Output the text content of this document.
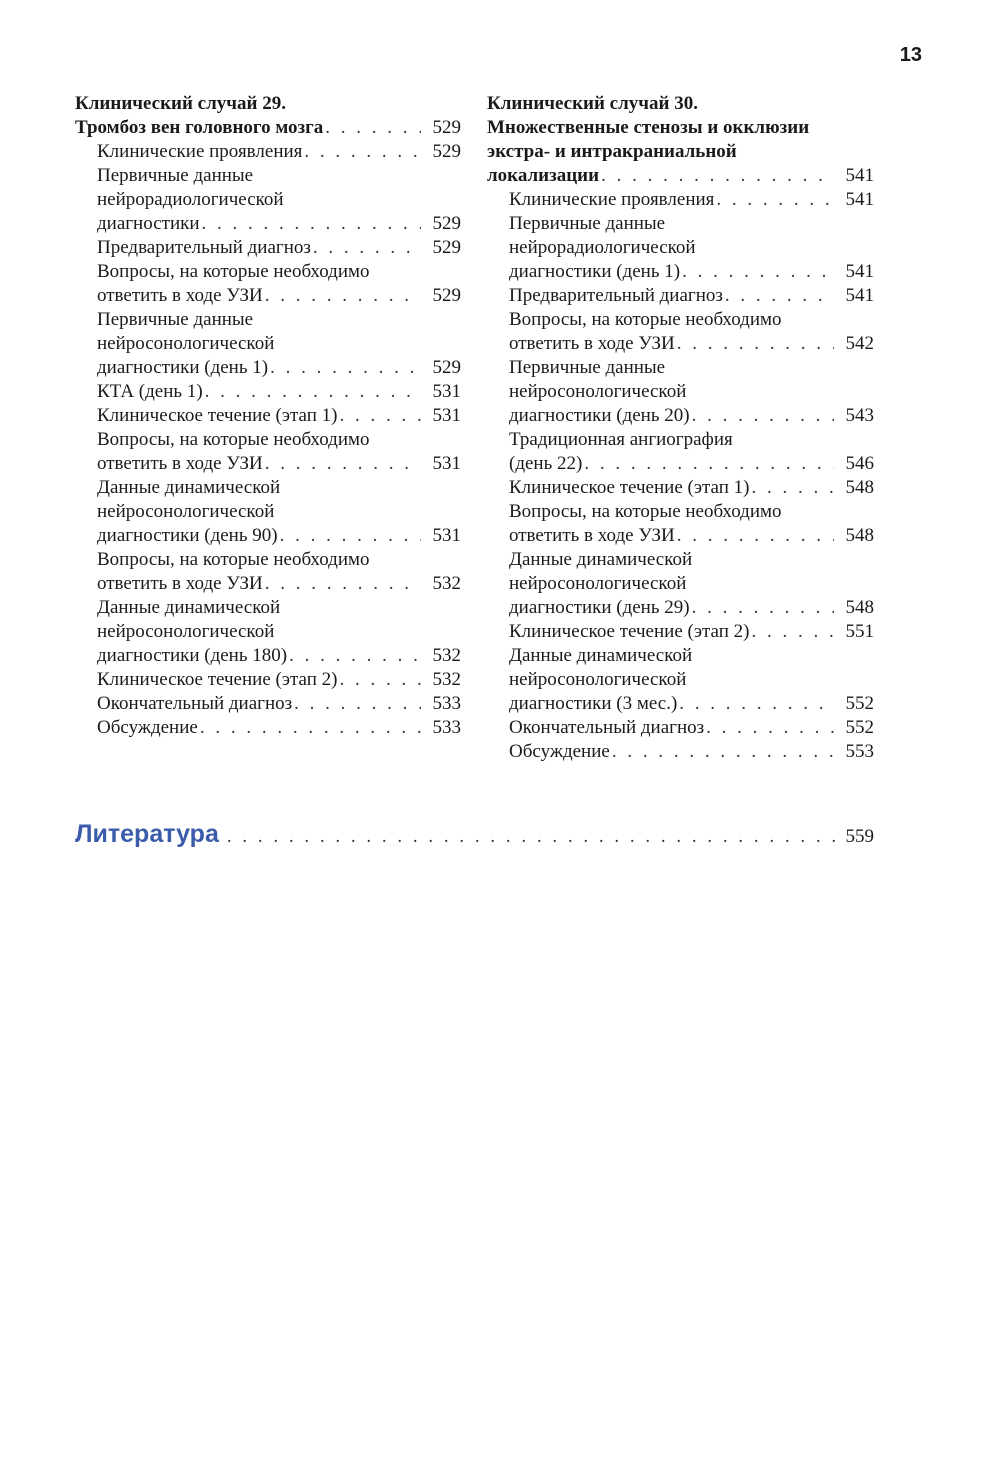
13
Клинический случай 29.
Тромбоз вен головного мозга . . .	529
Клинические проявления . . .	529
Первичные данные
нейрорадиологической
диагностики . . .	529
Предварительный диагноз . . .	529
Вопросы, на которые необходимо
ответить в ходе УЗИ . . .	529
Первичные данные
нейросонологической
диагностики (день 1) . . .	529
КТА (день 1) . . .	531
Клиническое течение (этап 1) . . .	531
Вопросы, на которые необходимо
ответить в ходе УЗИ . . .	531
Данные динамической
нейросонологической
диагностики (день 90) . . .	531
Вопросы, на которые необходимо
ответить в ходе УЗИ . . .	532
Данные динамической
нейросонологической
диагностики (день 180) . . .	532
Клиническое течение (этап 2) . . .	532
Окончательный диагноз . . .	533
Обсуждение . . .	533
Клинический случай 30.
Множественные стенозы и окклюзии
экстра- и интракраниальной
локализации . . .	541
Клинические проявления . . .	541
Первичные данные
нейрорадиологической
диагностики (день 1) . . .	541
Предварительный диагноз . . .	541
Вопросы, на которые необходимо
ответить в ходе УЗИ . . .	542
Первичные данные
нейросонологической
диагностики (день 20) . . .	543
Традиционная ангиография
(день 22) . . .	546
Клиническое течение (этап 1) . . .	548
Вопросы, на которые необходимо
ответить в ходе УЗИ . . .	548
Данные динамической
нейросонологической
диагностики (день 29) . . .	548
Клиническое течение (этап 2) . . .	551
Данные динамической
нейросонологической
диагностики (3 мес.) . . .	552
Окончательный диагноз . . .	552
Обсуждение . . .	553
Литература . . .	559
